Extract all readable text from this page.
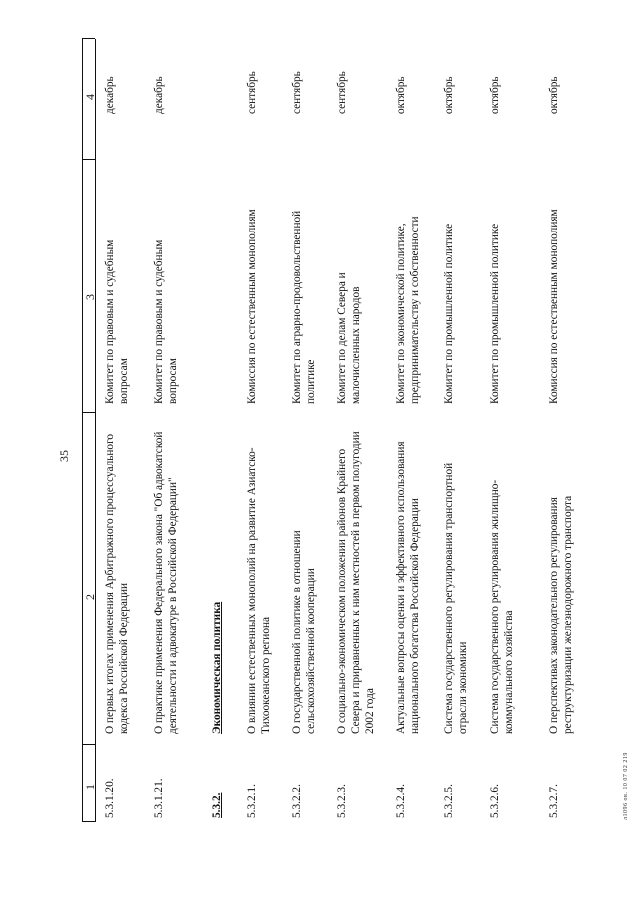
35
1
2
3
4
5.3.1.20.
О первых итогах применения Арбитражного процессуального кодекса Российской Федерации
Комитет по правовым и судебным вопросам
декабрь
5.3.1.21.
О практике применения Федерального закона "Об адвокатской деятельности и адвокатуре в Российской Федерации"
Комитет по правовым и судебным вопросам
декабрь
5.3.2.
Экономическая политика
5.3.2.1.
О влиянии естественных монополий на развитие Азиатско- Тихоокеанского региона
Комиссия по естественным монополиям
сентябрь
5.3.2.2.
О государственной политике в отношении сельскохозяйственной кооперации
Комитет по аграрно-продовольственной политике
сентябрь
5.3.2.3.
О социально-экономическом положении районов Крайнего Севера и приравненных к ним местностей в первом полугодии 2002 года
Комитет по делам Севера и малочисленных народов
сентябрь
5.3.2.4.
Актуальные вопросы оценки и эффективного использования национального богатства Российской Федерации
Комитет по экономической политике, предпринимательству и собственности
октябрь
5.3.2.5.
Система государственного регулирования транспортной отрасли экономики
Комитет по промышленной политике
октябрь
5.3.2.6.
Система государственного регулирования жилищно- коммунального хозяйства
Комитет по промышленной политике
октябрь
5.3.2.7.
О перспективах законодательного регулирования реструктуризации железнодорожного транспорта
Комиссия по естественным монополиям
октябрь
л1096 ов. 10 07 02 219
